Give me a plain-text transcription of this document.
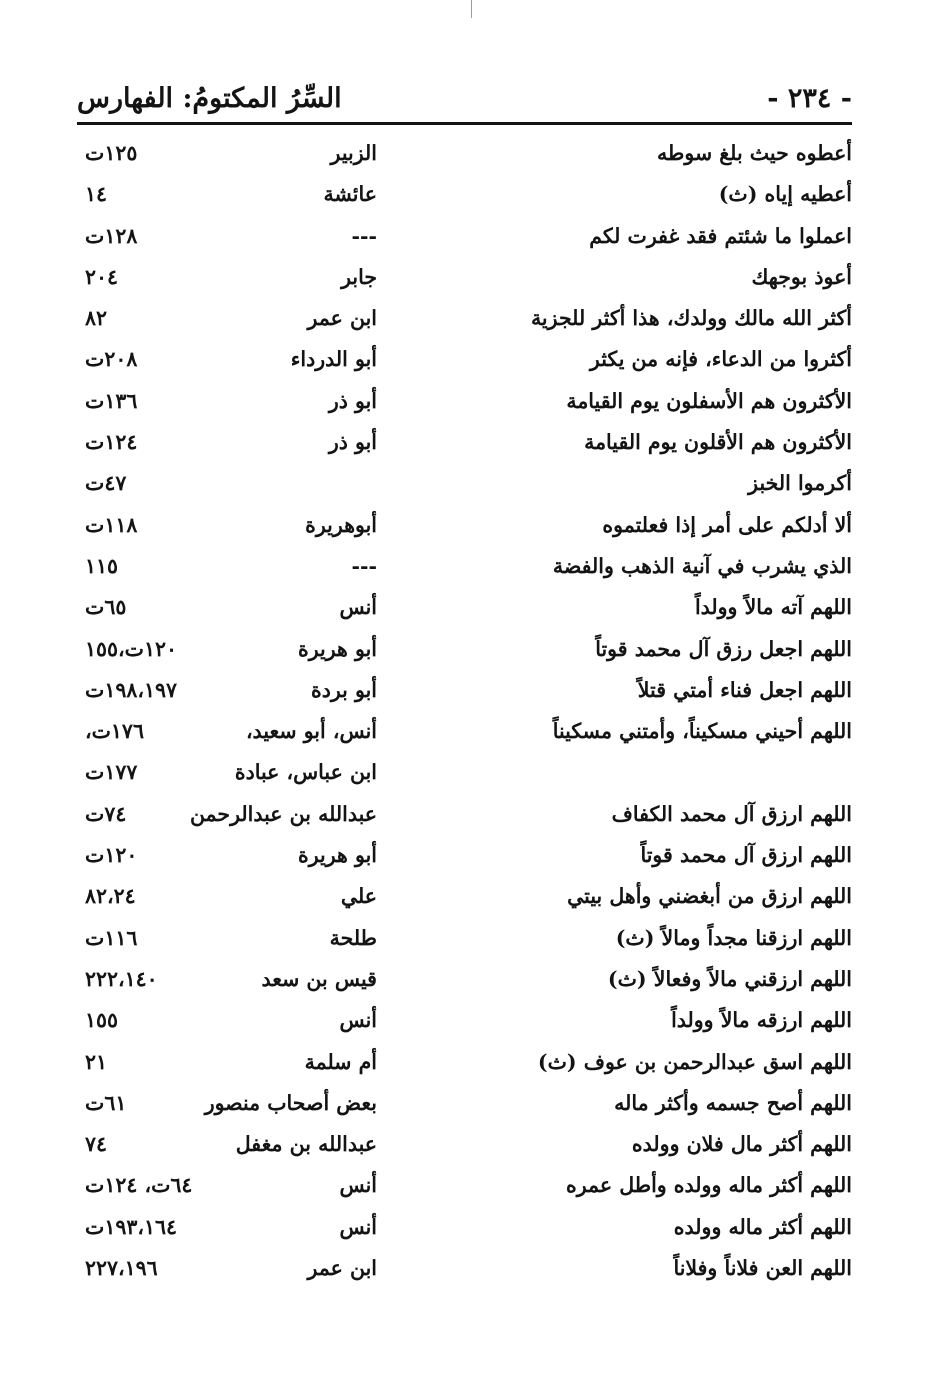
السِّرُ المكتومُ: الفهارس	- ٢٣٤ -
أعطوه حيث بلغ سوطه
الزبير
١٢٥ت
أعطيه إياه (ث)
عائشة
١٤
اعملوا ما شئتم فقد غفرت لكم
---
١٢٨ت
أعوذ بوجهك
جابر
٢٠٤
أكثر الله مالك وولدك، هذا أكثر للجزية
ابن عمر
٨٢
أكثروا من الدعاء، فإنه من يكثر
أبو الدرداء
٢٠٨ت
الأكثرون هم الأسفلون يوم القيامة
أبو ذر
١٣٦ت
الأكثرون هم الأقلون يوم القيامة
أبو ذر
١٢٤ت
أكرموا الخبز
٤٧ت
ألا أدلكم على أمر إذا فعلتموه
أبوهريرة
١١٨ت
الذي يشرب في آنية الذهب والفضة
---
١١٥
اللهم آته مالاً وولداً
أنس
٦٥ت
اللهم اجعل رزق آل محمد قوتاً
أبو هريرة
١٢٠ت،١٥٥
اللهم اجعل فناء أمتي قتلاً
أبو بردة
١٩٨،١٩٧ت
اللهم أحيني مسكيناً، وأمتني مسكيناً
أنس، أبو سعيد،
١٧٦ت،
ابن عباس، عبادة
١٧٧ت
اللهم ارزق آل محمد الكفاف
عبدالله بن عبدالرحمن
٧٤ت
اللهم ارزق آل محمد قوتاً
أبو هريرة
١٢٠ت
اللهم ارزق من أبغضني وأهل بيتي
علي
٨٢،٢٤
اللهم ارزقنا مجداً ومالاً (ث)
طلحة
١١٦ت
اللهم ارزقني مالاً وفعالاً (ث)
قيس بن سعد
٢٢٢،١٤٠
اللهم ارزقه مالاً وولداً
أنس
١٥٥
اللهم اسق عبدالرحمن بن عوف (ث)
أم سلمة
٢١
اللهم أصح جسمه وأكثر ماله
بعض أصحاب منصور
٦١ت
اللهم أكثر مال فلان وولده
عبدالله بن مغفل
٧٤
اللهم أكثر ماله وولده وأطل عمره
أنس
٦٤ت، ١٢٤ت
اللهم أكثر ماله وولده
أنس
١٩٣،١٦٤ت
اللهم العن فلاناً وفلاناً
ابن عمر
٢٢٧،١٩٦
